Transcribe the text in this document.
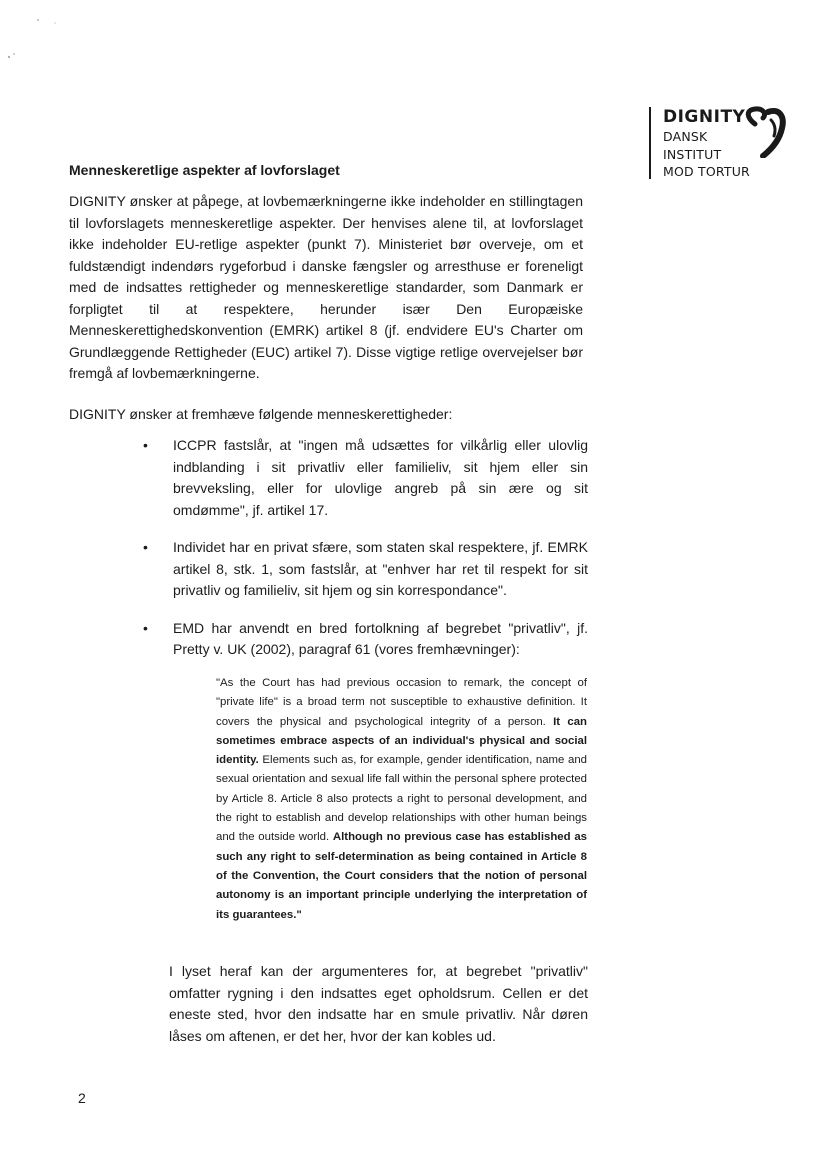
DIGNITY
DANSK
INSTITUT
MOD TORTUR
Menneskeretlige aspekter af lovforslaget
DIGNITY ønsker at påpege, at lovbemærkningerne ikke indeholder en stillingtagen til lovforslagets menneskeretlige aspekter. Der henvises alene til, at lovforslaget ikke indeholder EU-retlige aspekter (punkt 7). Ministeriet bør overveje, om et fuldstændigt indendørs rygeforbud i danske fængsler og arresthuse er foreneligt med de indsattes rettigheder og menneskeretlige standarder, som Danmark er forpligtet til at respektere, herunder især Den Europæiske Menneskerettighedskonvention (EMRK) artikel 8 (jf. endvidere EU's Charter om Grundlæggende Rettigheder (EUC) artikel 7). Disse vigtige retlige overvejelser bør fremgå af lovbemærkningerne.
DIGNITY ønsker at fremhæve følgende menneskerettigheder:
• ICCPR fastslår, at "ingen må udsættes for vilkårlig eller ulovlig indblanding i sit privatliv eller familieliv, sit hjem eller sin brevveksling, eller for ulovlige angreb på sin ære og sit omdømme", jf. artikel 17.
• Individet har en privat sfære, som staten skal respektere, jf. EMRK artikel 8, stk. 1, som fastslår, at "enhver har ret til respekt for sit privatliv og familieliv, sit hjem og sin korrespondance".
• EMD har anvendt en bred fortolkning af begrebet "privatliv", jf. Pretty v. UK (2002), paragraf 61 (vores fremhævninger):
"As the Court has had previous occasion to remark, the concept of "private life" is a broad term not susceptible to exhaustive definition. It covers the physical and psychological integrity of a person. It can sometimes embrace aspects of an individual's physical and social identity. Elements such as, for example, gender identification, name and sexual orientation and sexual life fall within the personal sphere protected by Article 8. Article 8 also protects a right to personal development, and the right to establish and develop relationships with other human beings and the outside world. Although no previous case has established as such any right to self-determination as being contained in Article 8 of the Convention, the Court considers that the notion of personal autonomy is an important principle underlying the interpretation of its guarantees."
I lyset heraf kan der argumenteres for, at begrebet "privatliv" omfatter rygning i den indsattes eget opholdsrum. Cellen er det eneste sted, hvor den indsatte har en smule privatliv. Når døren låses om aftenen, er det her, hvor der kan kobles ud.
2
